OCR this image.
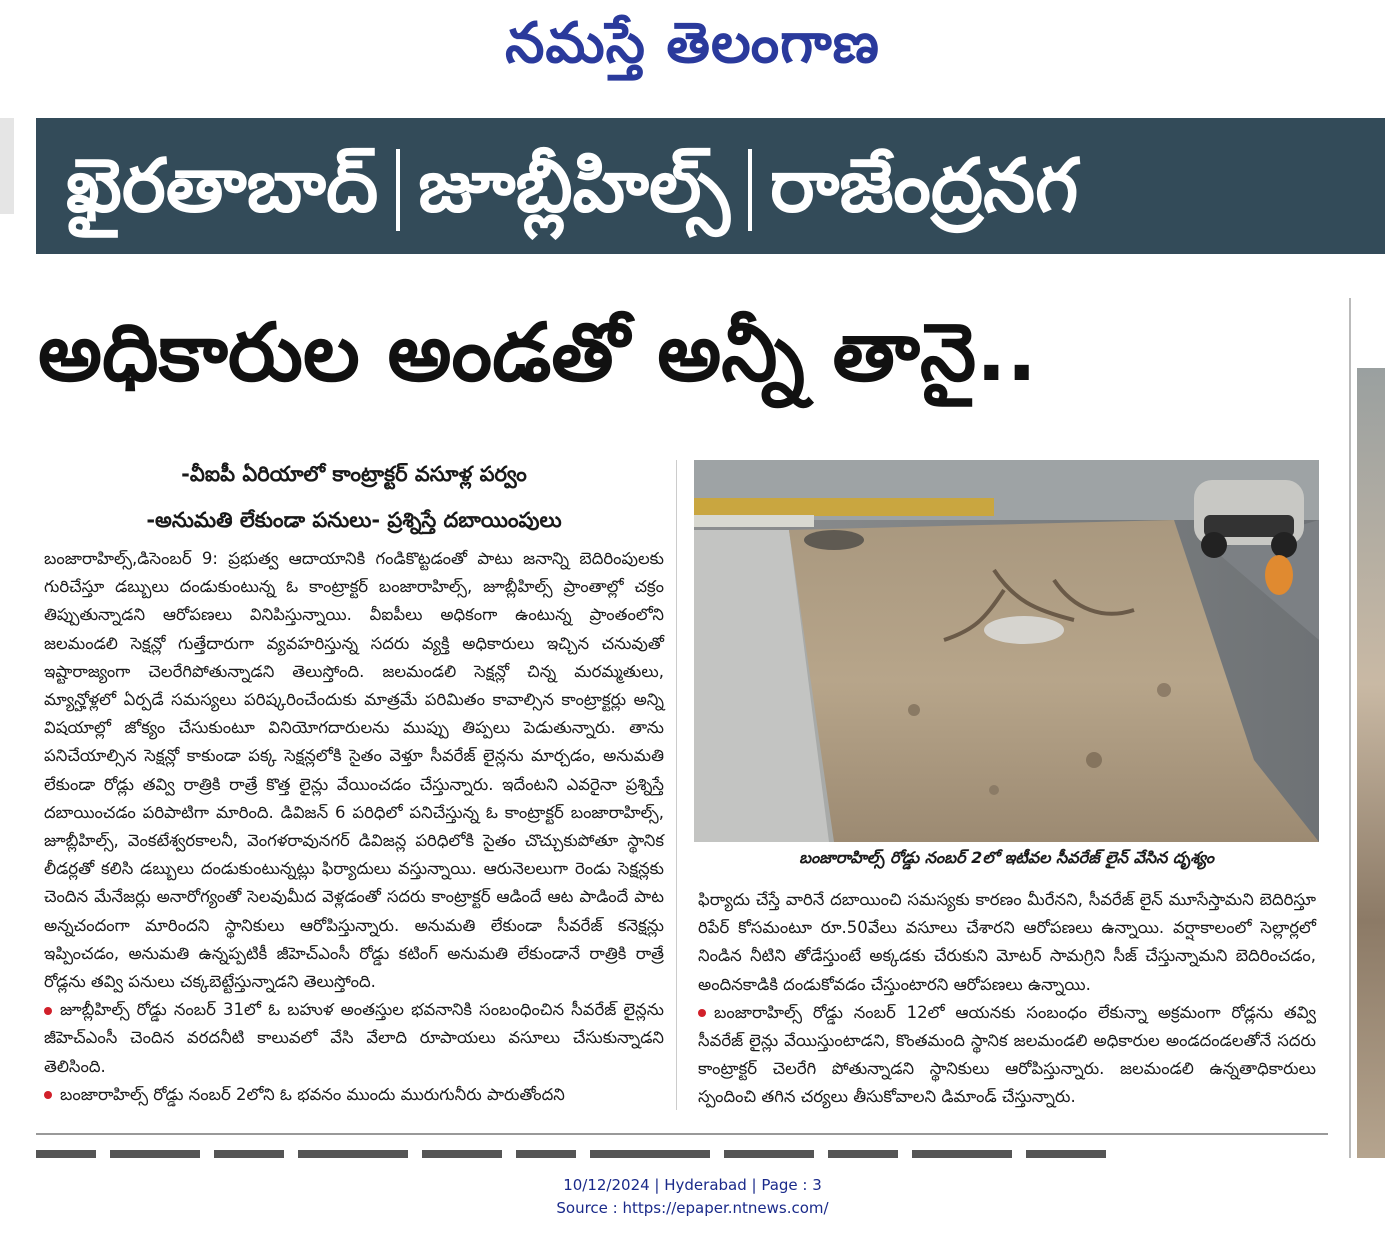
నమస్తే తెలంగాణ
ఖైరతాబాద్ జూబ్లీహిల్స్ రాజేంద్రనగ
అధికారుల అండతో అన్నీ తానై..
-వీఐపీ ఏరియాలో కాంట్రాక్టర్ వసూళ్ల పర్వం
-అనుమతి లేకుండా పనులు- ప్రశ్నిస్తే దబాయింపులు

బంజారాహిల్స్,డిసెంబర్ 9: ప్రభుత్వ ఆదాయానికి గండికొట్టడంతో పాటు జనాన్ని బెదిరింపులకు గురిచేస్తూ డబ్బులు దండుకుంటున్న ఓ కాంట్రాక్టర్ బంజారాహిల్స్, జూబ్లీహిల్స్ ప్రాంతాల్లో చక్రం తిప్పుతున్నాడని ఆరోపణలు వినిపిస్తున్నాయి. వీఐపీలు అధికంగా ఉంటున్న ప్రాంతంలోని జలమండలి సెక్షన్లో గుత్తేదారుగా వ్యవహరిస్తున్న సదరు వ్యక్తి అధికారులు ఇచ్చిన చనువుతో ఇష్టారాజ్యంగా చెలరేగిపోతున్నాడని తెలుస్తోంది. జలమండలి సెక్షన్లో చిన్న మరమ్మతులు, మ్యాన్హోళ్లలో ఏర్పడే సమస్యలు పరిష్కరించేందుకు మాత్రమే పరిమితం కావాల్సిన కాంట్రాక్టర్లు అన్ని విషయాల్లో జోక్యం చేసుకుంటూ వినియోగదారులను ముప్పు తిప్పలు పెడుతున్నారు. తాను పనిచేయాల్సిన సెక్షన్లో కాకుండా పక్క సెక్షన్లలోకి సైతం వెళ్తూ సీవరేజ్ లైన్లను మార్చడం, అనుమతి లేకుండా రోడ్లు తవ్వి రాత్రికి రాత్రే కొత్త లైన్లు వేయించడం చేస్తున్నారు. ఇదేంటని ఎవరైనా ప్రశ్నిస్తే దబాయించడం పరిపాటిగా మారింది. డివిజన్ 6 పరిధిలో పనిచేస్తున్న ఓ కాంట్రాక్టర్ బంజారాహిల్స్, జూబ్లీహిల్స్, వెంకటేశ్వరకాలనీ, వెంగళరావునగర్ డివిజన్ల పరిధిలోకి సైతం చొచ్చుకుపోతూ స్థానిక లీడర్లతో కలిసి డబ్బులు దండుకుంటున్నట్లు ఫిర్యాదులు వస్తున్నాయి. ఆరునెలలుగా రెండు సెక్షన్లకు చెందిన మేనేజర్లు అనారోగ్యంతో సెలవుమీద వెళ్లడంతో సదరు కాంట్రాక్టర్ ఆడిందే ఆట పాడిందే పాట అన్నచందంగా మారిందని స్థానికులు ఆరోపిస్తున్నారు. అనుమతి లేకుండా సీవరేజ్ కనెక్షన్లు ఇప్పించడం, అనుమతి ఉన్నప్పటికీ జీహెచ్ఎంసీ రోడ్డు కటింగ్ అనుమతి లేకుండానే రాత్రికి రాత్రే రోడ్లను తవ్వి పనులు చక్కబెట్టేస్తున్నాడని తెలుస్తోంది.

జూబ్లీహిల్స్ రోడ్డు నంబర్ 31లో ఓ బహుళ అంతస్తుల భవనానికి సంబంధించిన సీవరేజ్ లైన్లను జీహెచ్ఎంసీ చెందిన వరదనీటి కాలువలో వేసి వేలాది రూపాయలు వసూలు చేసుకున్నాడని తెలిసింది.

బంజారాహిల్స్ రోడ్డు నంబర్ 2లోని ఓ భవనం ముందు మురుగునీరు పారుతోందని

బంజారాహిల్స్ రోడ్డు నంబర్ 2లో ఇటీవల సీవరేజ్ లైన్ వేసిన దృశ్యం

ఫిర్యాదు చేస్తే వారినే దబాయించి సమస్యకు కారణం మీరేనని, సీవరేజ్ లైన్ మూసేస్తామని బెదిరిస్తూ రిపేర్ కోసమంటూ రూ.50వేలు వసూలు చేశారని ఆరోపణలు ఉన్నాయి. వర్షాకాలంలో సెల్లార్లలో నిండిన నీటిని తోడేస్తుంటే అక్కడకు చేరుకుని మోటర్ సామగ్రిని సీజ్ చేస్తున్నామని బెదిరించడం, అందినకాడికి దండుకోవడం చేస్తుంటారని ఆరోపణలు ఉన్నాయి.

బంజారాహిల్స్ రోడ్డు నంబర్ 12లో ఆయనకు సంబంధం లేకున్నా అక్రమంగా రోడ్లను తవ్వి సీవరేజ్ లైన్లు వేయిస్తుంటాడని, కొంతమంది స్థానిక జలమండలి అధికారుల అండదండలతోనే సదరు కాంట్రాక్టర్ చెలరేగి పోతున్నాడని స్థానికులు ఆరోపిస్తున్నారు. జలమండలి ఉన్నతాధికారులు స్పందించి తగిన చర్యలు తీసుకోవాలని డిమాండ్ చేస్తున్నారు.

10/12/2024 | Hyderabad | Page : 3
Source : https://epaper.ntnews.com/
